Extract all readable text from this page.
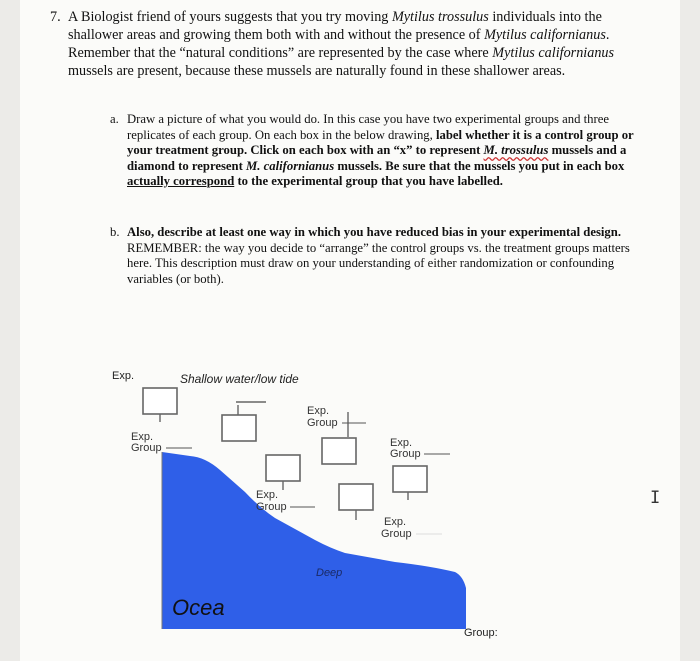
7. A Biologist friend of yours suggests that you try moving Mytilus trossulus individuals into the shallower areas and growing them both with and without the presence of Mytilus californianus. Remember that the “natural conditions” are represented by the case where Mytilus californianus mussels are present, because these mussels are naturally found in these shallower areas.
a. Draw a picture of what you would do. In this case you have two experimental groups and three replicates of each group. On each box in the below drawing, label whether it is a control group or your treatment group. Click on each box with an “x” to represent M. trossulus mussels and a diamond to represent M. californianus mussels. Be sure that the mussels you put in each box actually correspond to the experimental group that you have labelled.
b. Also, describe at least one way in which you have reduced bias in your experimental design. REMEMBER: the way you decide to “arrange” the control groups vs. the treatment groups matters here. This description must draw on your understanding of either randomization or confounding variables (or both).
Exp.	Shallow water/low tide
Exp.
Group
Exp.
Group
Exp.
Group
Exp.
Group
Exp.
Group
Deep
Ocea
Group:
I
